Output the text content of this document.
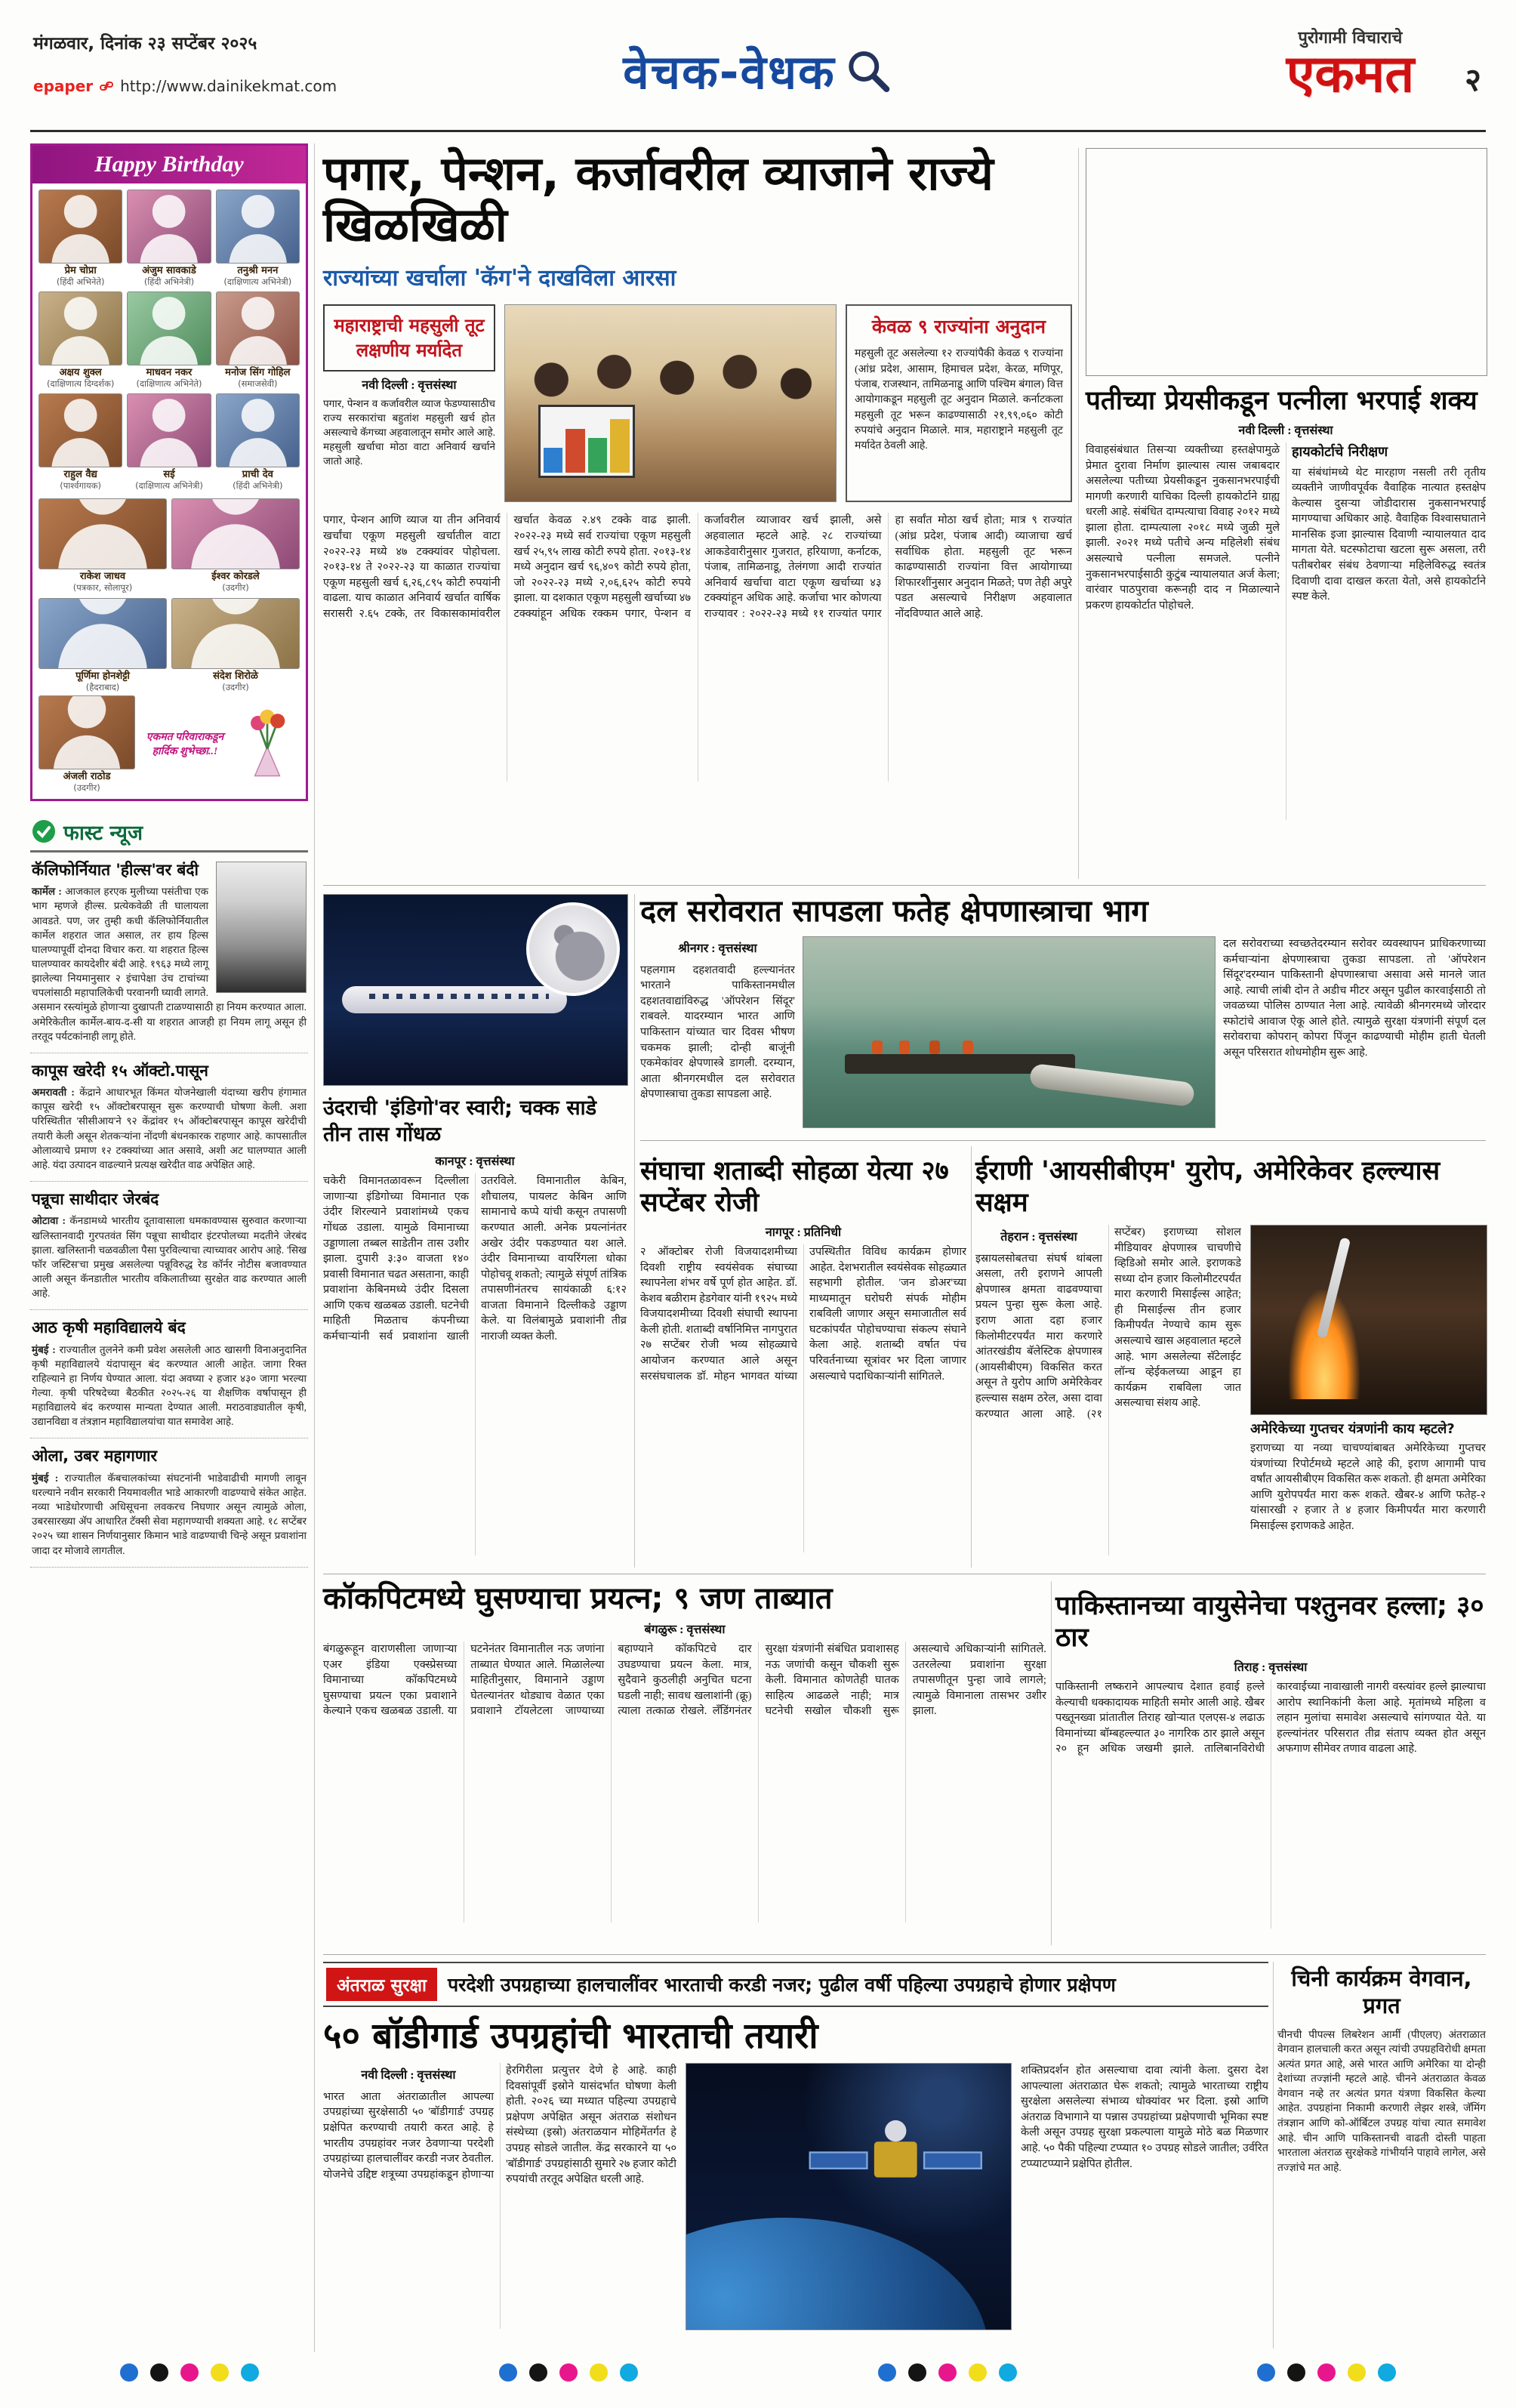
मंगळवार, दिनांक २३ सप्टेंबर २०२५
epaper http://www.dainikekmat.com	वेचक-वेधक
पुरोगामी विचाराचे
एकमत २
Happy Birthday
प्रेम चोप्रा
(हिंदी अभिनेते)
अंजुम सावकाडे
(हिंदी अभिनेत्री)
तनुश्री मनन
(दाक्षिणात्य अभिनेत्री)
अक्षय शुक्ल
(दाक्षिणात्य दिग्दर्शक)
माधवन नकर
(दाक्षिणात्य अभिनेते)
मनोज सिंग गोहिल
(समाजसेवी)
राहुल वैद्य
(पार्श्वगायक)
सई
(दाक्षिणात्य अभिनेत्री)
प्राची देव
(हिंदी अभिनेत्री)
राकेश जाधव
(पत्रकार, सोलापूर)
ईश्वर कोरडले
(उदगीर)
पूर्णिमा होनशेट्टी
(हैदराबाद)
संदेश शिरोळे
(उदगीर)
अंजली राठोड
(उदगीर)
एकमत परिवाराकडून हार्दिक शुभेच्छा..!
फास्ट न्यूज
कॅलिफोर्नियात 'हील्स'वर बंदी

कार्मेल : आजकाल हरएक मुलीच्या पसंतीचा एक भाग म्हणजे हील्स. प्रत्येकवेळी ती घालायला आवडते. पण, जर तुम्ही कधी कॅलिफोर्नियातील कार्मेल शहरात जात असाल, तर हाय हिल्स घालण्यापूर्वी दोनदा विचार करा. या शहरात हिल्स घालण्यावर कायदेशीर बंदी आहे. १९६३ मध्ये लागू झालेल्या नियमानुसार २ इंचापेक्षा उंच टाचांच्या चपलांसाठी महापालिकेची परवानगी घ्यावी लागते. असमान रस्त्यांमुळे होणाऱ्या दुखापती टाळण्यासाठी हा नियम करण्यात आला. अमेरिकेतील कार्मेल-बाय-द-सी या शहरात आजही हा नियम लागू असून ही तरतूद पर्यटकांनाही लागू होते.

कापूस खरेदी १५ ऑक्टो.पासून

अमरावती : केंद्राने आधारभूत किंमत योजनेखाली यंदाच्या खरीप हंगामात कापूस खरेदी १५ ऑक्टोबरपासून सुरू करण्याची घोषणा केली. अशा परिस्थितीत 'सीसीआय'ने ९२ केंद्रांवर १५ ऑक्टोबरपासून कापूस खरेदीची तयारी केली असून शेतकऱ्यांना नोंदणी बंधनकारक राहणार आहे. कापसातील ओलाव्याचे प्रमाण १२ टक्क्यांच्या आत असावे, अशी अट घालण्यात आली आहे. यंदा उत्पादन वाढल्याने प्रत्यक्ष खरेदीत वाढ अपेक्षित आहे.

पन्नूचा साथीदार जेरबंद

ओटावा : कॅनडामध्ये भारतीय दूतावासाला धमकावण्यास सुरुवात करणाऱ्या खलिस्तानवादी गुरपतवंत सिंग पन्नूचा साथीदार इंटरपोलच्या मदतीने जेरबंद झाला. खलिस्तानी चळवळीला पैसा पुरविल्याचा त्याच्यावर आरोप आहे. 'सिख फॉर जस्टिस'चा प्रमुख असलेल्या पन्नूविरुद्ध रेड कॉर्नर नोटीस बजावण्यात आली असून कॅनडातील भारतीय वकिलातीच्या सुरक्षेत वाढ करण्यात आली आहे.

आठ कृषी महाविद्यालये बंद

मुंबई : राज्यातील तुलनेने कमी प्रवेश असलेली आठ खासगी विनाअनुदानित कृषी महाविद्यालये यंदापासून बंद करण्यात आली आहेत. जागा रिक्त राहिल्याने हा निर्णय घेण्यात आला. यंदा अवघ्या २ हजार ४३० जागा भरल्या गेल्या. कृषी परिषदेच्या बैठकीत २०२५-२६ या शैक्षणिक वर्षापासून ही महाविद्यालये बंद करण्यास मान्यता देण्यात आली. मराठवाड्यातील कृषी, उद्यानविद्या व तंत्रज्ञान महाविद्यालयांचा यात समावेश आहे.

ओला, उबर महागणार

मुंबई : राज्यातील कॅबचालकांच्या संघटनांनी भाडेवाढीची मागणी लावून धरल्याने नवीन सरकारी नियमावलीत भाडे आकारणी वाढण्याचे संकेत आहेत. नव्या भाडेधोरणाची अधिसूचना लवकरच निघणार असून त्यामुळे ओला, उबरसारख्या ॲप आधारित टॅक्सी सेवा महागण्याची शक्यता आहे. १८ सप्टेंबर २०२५ च्या शासन निर्णयानुसार किमान भाडे वाढण्याची चिन्हे असून प्रवाशांना जादा दर मोजावे लागतील.

पगार, पेन्शन, कर्जावरील व्याजाने राज्ये खिळखिळी
राज्यांच्या खर्चाला 'कॅग'ने दाखविला आरसा
महाराष्ट्राची महसुली तूट लक्षणीय मर्यादेत
नवी दिल्ली : वृत्तसंस्था
पगार, पेन्शन व कर्जावरील व्याज फेडण्यासाठीच राज्य सरकारांचा बहुतांश महसुली खर्च होत असल्याचे कॅगच्या अहवालातून समोर आले आहे. महसुली खर्चाचा मोठा वाटा अनिवार्य खर्चाने जातो आहे.
केवळ ९ राज्यांना अनुदान

महसुली तूट असलेल्या १२ राज्यांपैकी केवळ ९ राज्यांना (आंध्र प्रदेश, आसाम, हिमाचल प्रदेश, केरळ, मणिपूर, पंजाब, राजस्थान, तामिळनाडू आणि पश्चिम बंगाल) वित्त आयोगाकडून महसुली तूट अनुदान मिळाले. कर्नाटकला महसुली तूट भरून काढण्यासाठी २१,९९,०६० कोटी रुपयांचे अनुदान मिळाले. मात्र, महाराष्ट्राने महसुली तूट मर्यादेत ठेवली आहे.

पगार, पेन्शन आणि व्याज या तीन अनिवार्य खर्चांचा एकूण महसुली खर्चातील वाटा २०२२-२३ मध्ये ४७ टक्क्यांवर पोहोचला. २०१३-१४ ते २०२२-२३ या काळात राज्यांचा एकूण महसुली खर्च ६,२६,८९५ कोटी रुपयांनी वाढला. याच काळात अनिवार्य खर्चात वार्षिक सरासरी २.६५ टक्के, तर विकासकामांवरील खर्चात केवळ २.४९ टक्के वाढ झाली. २०२२-२३ मध्ये सर्व राज्यांचा एकूण महसुली खर्च २५,९५ लाख कोटी रुपये होता. २०१३-१४ मध्ये अनुदान खर्च ९६,४०९ कोटी रुपये होता, जो २०२२-२३ मध्ये २,०६,६२५ कोटी रुपये झाला. या दशकात एकूण महसुली खर्चाच्या ४७ टक्क्यांहून अधिक रक्कम पगार, पेन्शन व कर्जावरील व्याजावर खर्च झाली, असे अहवालात म्हटले आहे. २८ राज्यांच्या आकडेवारीनुसार गुजरात, हरियाणा, कर्नाटक, पंजाब, तामिळनाडू, तेलंगणा आदी राज्यांत अनिवार्य खर्चाचा वाटा एकूण खर्चाच्या ४३ टक्क्यांहून अधिक आहे. कर्जाचा भार कोणत्या राज्यावर : २०२२-२३ मध्ये ११ राज्यांत पगार हा सर्वांत मोठा खर्च होता; मात्र ९ राज्यांत (आंध्र प्रदेश, पंजाब आदी) व्याजाचा खर्च सर्वाधिक होता. महसुली तूट भरून काढण्यासाठी राज्यांना वित्त आयोगाच्या शिफारशींनुसार अनुदान मिळते; पण तेही अपुरे पडत असल्याचे निरीक्षण अहवालात नोंदविण्यात आले आहे.

पतीच्या प्रेयसीकडून पत्नीला भरपाई शक्य
नवी दिल्ली : वृत्तसंस्था

विवाहसंबंधात तिसऱ्या व्यक्तीच्या हस्तक्षेपामुळे प्रेमात दुरावा निर्माण झाल्यास त्यास जबाबदार असलेल्या पतीच्या प्रेयसीकडून नुकसानभरपाईची मागणी करणारी याचिका दिल्ली हायकोर्टाने ग्राह्य धरली आहे. संबंधित दाम्पत्याचा विवाह २०१२ मध्ये झाला होता. दाम्पत्याला २०१८ मध्ये जुळी मुले झाली. २०२१ मध्ये पतीचे अन्य महिलेशी संबंध असल्याचे पत्नीला समजले. पत्नीने नुकसानभरपाईसाठी कुटुंब न्यायालयात अर्ज केला; वारंवार पाठपुरावा करूनही दाद न मिळाल्याने प्रकरण हायकोर्टात पोहोचले.

हायकोर्टाचे निरीक्षण

या संबंधांमध्ये थेट मारहाण नसली तरी तृतीय व्यक्तीने जाणीवपूर्वक वैवाहिक नात्यात हस्तक्षेप केल्यास दुसऱ्या जोडीदारास नुकसानभरपाई मागण्याचा अधिकार आहे. वैवाहिक विश्वासघाताने मानसिक इजा झाल्यास दिवाणी न्यायालयात दाद मागता येते. घटस्फोटाचा खटला सुरू असला, तरी पतीबरोबर संबंध ठेवणाऱ्या महिलेविरुद्ध स्वतंत्र दिवाणी दावा दाखल करता येतो, असे हायकोर्टाने स्पष्ट केले.

उंदराची 'इंडिगो'वर स्वारी; चक्क साडे तीन तास गोंधळ
कानपूर : वृत्तसंस्था

चकेरी विमानतळावरून दिल्लीला जाणाऱ्या इंडिगोच्या विमानात एक उंदीर शिरल्याने प्रवाशांमध्ये एकच गोंधळ उडाला. यामुळे विमानाच्या उड्डाणाला तब्बल साडेतीन तास उशीर झाला. दुपारी ३:३० वाजता १४० प्रवासी विमानात चढत असताना, काही प्रवाशांना केबिनमध्ये उंदीर दिसला आणि एकच खळबळ उडाली. घटनेची माहिती मिळताच कंपनीच्या कर्मचाऱ्यांनी सर्व प्रवाशांना खाली उतरविले. विमानातील केबिन, शौचालय, पायलट केबिन आणि सामानाचे कप्पे यांची कसून तपासणी करण्यात आली. अनेक प्रयत्नांनंतर अखेर उंदीर पकडण्यात यश आले. उंदीर विमानाच्या वायरिंगला धोका पोहोचवू शकतो; त्यामुळे संपूर्ण तांत्रिक तपासणीनंतरच सायंकाळी ६:१२ वाजता विमानाने दिल्लीकडे उड्डाण केले. या विलंबामुळे प्रवाशांनी तीव्र नाराजी व्यक्त केली.

दल सरोवरात सापडला फतेह क्षेपणास्त्राचा भाग
श्रीनगर : वृत्तसंस्था

पहलगाम दहशतवादी हल्ल्यानंतर भारताने पाकिस्तानमधील दहशतवाद्यांविरुद्ध 'ऑपरेशन सिंदूर' राबवले. यादरम्यान भारत आणि पाकिस्तान यांच्यात चार दिवस भीषण चकमक झाली; दोन्ही बाजूंनी एकमेकांवर क्षेपणास्त्रे डागली. दरम्यान, आता श्रीनगरमधील दल सरोवरात क्षेपणास्त्राचा तुकडा सापडला आहे.

दल सरोवराच्या स्वच्छतेदरम्यान सरोवर व्यवस्थापन प्राधिकरणाच्या कर्मचाऱ्यांना क्षेपणास्त्राचा तुकडा सापडला. तो 'ऑपरेशन सिंदूर'दरम्यान पाकिस्तानी क्षेपणास्त्राचा असावा असे मानले जात आहे. त्याची लांबी दोन ते अडीच मीटर असून पुढील कारवाईसाठी तो जवळच्या पोलिस ठाण्यात नेला आहे. त्यावेळी श्रीनगरमध्ये जोरदार स्फोटांचे आवाज ऐकू आले होते. त्यामुळे सुरक्षा यंत्रणांनी संपूर्ण दल सरोवराचा कोपरान् कोपरा पिंजून काढण्याची मोहीम हाती घेतली असून परिसरात शोधमोहीम सुरू आहे.

संघाचा शताब्दी सोहळा येत्या २७ सप्टेंबर रोजी
नागपूर : प्रतिनिधी

२ ऑक्टोबर रोजी विजयादशमीच्या दिवशी राष्ट्रीय स्वयंसेवक संघाच्या स्थापनेला शंभर वर्षे पूर्ण होत आहेत. डॉ. केशव बळीराम हेडगेवार यांनी १९२५ मध्ये विजयादशमीच्या दिवशी संघाची स्थापना केली होती. शताब्दी वर्षानिमित्त नागपुरात २७ सप्टेंबर रोजी भव्य सोहळ्याचे आयोजन करण्यात आले असून सरसंघचालक डॉ. मोहन भागवत यांच्या उपस्थितीत विविध कार्यक्रम होणार आहेत. देशभरातील स्वयंसेवक सोहळ्यात सहभागी होतील. 'जन डोअर'च्या माध्यमातून घरोघरी संपर्क मोहीम राबविली जाणार असून समाजातील सर्व घटकांपर्यंत पोहोचण्याचा संकल्प संघाने केला आहे. शताब्दी वर्षात पंच परिवर्तनाच्या सूत्रांवर भर दिला जाणार असल्याचे पदाधिकाऱ्यांनी सांगितले.

ईराणी 'आयसीबीएम' युरोप, अमेरिकेवर हल्ल्यास सक्षम
तेहरान : वृत्तसंस्था

इस्रायलसोबतचा संघर्ष थांबला असला, तरी इराणने आपली क्षेपणास्त्र क्षमता वाढवण्याचा प्रयत्न पुन्हा सुरू केला आहे. इराण आता दहा हजार किलोमीटरपर्यंत मारा करणारे आंतरखंडीय बॅलेस्टिक क्षेपणास्त्र (आयसीबीएम) विकसित करत असून ते युरोप आणि अमेरिकेवर हल्ल्यास सक्षम ठरेल, असा दावा करण्यात आला आहे. (२१ सप्टेंबर) इराणच्या सोशल मीडियावर क्षेपणास्त्र चाचणीचे व्हिडिओ समोर आले. इराणकडे सध्या दोन हजार किलोमीटरपर्यंत मारा करणारी मिसाईल्स आहेत; ही मिसाईल्स तीन हजार किमीपर्यंत नेण्याचे काम सुरू असल्याचे खास अहवालात म्हटले आहे. भाग असलेल्या सॅटेलाईट लॉन्च व्हेईकलच्या आडून हा कार्यक्रम राबविला जात असल्याचा संशय आहे.

अमेरिकेच्या गुप्तचर यंत्रणांनी काय म्हटले?
इराणच्या या नव्या चाचण्यांबाबत अमेरिकेच्या गुप्तचर यंत्रणांच्या रिपोर्टमध्ये म्हटले आहे की, इराण आगामी पाच वर्षांत आयसीबीएम विकसित करू शकतो. ही क्षमता अमेरिका आणि युरोपपर्यंत मारा करू शकते. खैबर-४ आणि फतेह-२ यांसारखी २ हजार ते ४ हजार किमीपर्यंत मारा करणारी मिसाईल्स इराणकडे आहेत.
कॉकपिटमध्ये घुसण्याचा प्रयत्न; ९ जण ताब्यात
बंगळुरू : वृत्तसंस्था

बंगळुरूहून वाराणसीला जाणाऱ्या एअर इंडिया एक्स्प्रेसच्या विमानाच्या कॉकपिटमध्ये घुसण्याचा प्रयत्न एका प्रवाशाने केल्याने एकच खळबळ उडाली. या घटनेनंतर विमानातील नऊ जणांना ताब्यात घेण्यात आले. मिळालेल्या माहितीनुसार, विमानाने उड्डाण घेतल्यानंतर थोड्याच वेळात एका प्रवाशाने टॉयलेटला जाण्याच्या बहाण्याने कॉकपिटचे दार उघडण्याचा प्रयत्न केला. मात्र, सुदैवाने कुठलीही अनुचित घटना घडली नाही; सावध खलाशांनी (क्रू) त्याला तत्काळ रोखले. लँडिंगनंतर सुरक्षा यंत्रणांनी संबंधित प्रवाशासह नऊ जणांची कसून चौकशी सुरू केली. विमानात कोणतेही घातक साहित्य आढळले नाही; मात्र घटनेची सखोल चौकशी सुरू असल्याचे अधिकाऱ्यांनी सांगितले. उतरलेल्या प्रवाशांना सुरक्षा तपासणीतून पुन्हा जावे लागले; त्यामुळे विमानाला तासभर उशीर झाला.

पाकिस्तानच्या वायुसेनेचा पश्तुनवर हल्ला; ३० ठार
तिराह : वृत्तसंस्था

पाकिस्तानी लष्कराने आपल्याच देशात हवाई हल्ले केल्याची धक्कादायक माहिती समोर आली आहे. खैबर पख्तूनख्वा प्रांतातील तिराह खोऱ्यात एलएस-४ लढाऊ विमानांच्या बॉम्बहल्ल्यात ३० नागरिक ठार झाले असून २० हून अधिक जखमी झाले. तालिबानविरोधी कारवाईच्या नावाखाली नागरी वस्त्यांवर हल्ले झाल्याचा आरोप स्थानिकांनी केला आहे. मृतांमध्ये महिला व लहान मुलांचा समावेश असल्याचे सांगण्यात येते. या हल्ल्यांनंतर परिसरात तीव्र संताप व्यक्त होत असून अफगाण सीमेवर तणाव वाढला आहे.

अंतराळ सुरक्षा	परदेशी उपग्रहाच्या हालचालींवर भारताची करडी नजर; पुढील वर्षी पहिल्या उपग्रहाचे होणार प्रक्षेपण
५० बॉडीगार्ड उपग्रहांची भारताची तयारी
नवी दिल्ली : वृत्तसंस्था

भारत आता अंतराळातील आपल्या उपग्रहांच्या सुरक्षेसाठी ५० 'बॉडीगार्ड' उपग्रह प्रक्षेपित करण्याची तयारी करत आहे. हे भारतीय उपग्रहांवर नजर ठेवणाऱ्या परदेशी उपग्रहांच्या हालचालींवर करडी नजर ठेवतील. योजनेचे उद्दिष्ट शत्रूच्या उपग्रहांकडून होणाऱ्या हेरगिरीला प्रत्युत्तर देणे हे आहे. काही दिवसांपूर्वी इस्रोने यासंदर्भात घोषणा केली होती. २०२६ च्या मध्यात पहिल्या उपग्रहाचे प्रक्षेपण अपेक्षित असून अंतराळ संशोधन संस्थेच्या (इस्रो) अंतराळयान मोहिमेंतर्गत हे उपग्रह सोडले जातील. केंद्र सरकारने या ५० 'बॉडीगार्ड' उपग्रहांसाठी सुमारे २७ हजार कोटी रुपयांची तरतूद अपेक्षित धरली आहे.

शक्तिप्रदर्शन होत असल्याचा दावा त्यांनी केला. दुसरा देश आपल्याला अंतराळात घेरू शकतो; त्यामुळे भारताच्या राष्ट्रीय सुरक्षेला असलेल्या संभाव्य धोक्यांवर भर दिला. इस्रो आणि अंतराळ विभागाने या पन्नास उपग्रहांच्या प्रक्षेपणाची भूमिका स्पष्ट केली असून उपग्रह सुरक्षा प्रकल्पाला यामुळे मोठे बळ मिळणार आहे. ५० पैकी पहिल्या टप्प्यात १० उपग्रह सोडले जातील; उर्वरित टप्प्याटप्प्याने प्रक्षेपित होतील.

चिनी कार्यक्रम वेगवान, प्रगत
चीनची पीपल्स लिबरेशन आर्मी (पीएलए) अंतराळात वेगवान हालचाली करत असून त्यांची उपग्रहविरोधी क्षमता अत्यंत प्रगत आहे, असे भारत आणि अमेरिका या दोन्ही देशांच्या तज्ज्ञांन‍ी म्हटले आहे. चीनने अंतराळात केवळ वेगवान नव्हे तर अत्यंत प्रगत यंत्रणा विकसित केल्या आहेत. उपग्रहांना निकामी करणारी लेझर शस्त्रे, जॅमिंग तंत्रज्ञान आणि को-ऑर्बिटल उपग्रह यांचा त्यात समावेश आहे. चीन आणि पाकिस्तानची वाढती दोस्ती पाहता भारताला अंतराळ सुरक्षेकडे गांभीर्याने पाहावे लागेल, असे तज्ज्ञांचे मत आहे.
